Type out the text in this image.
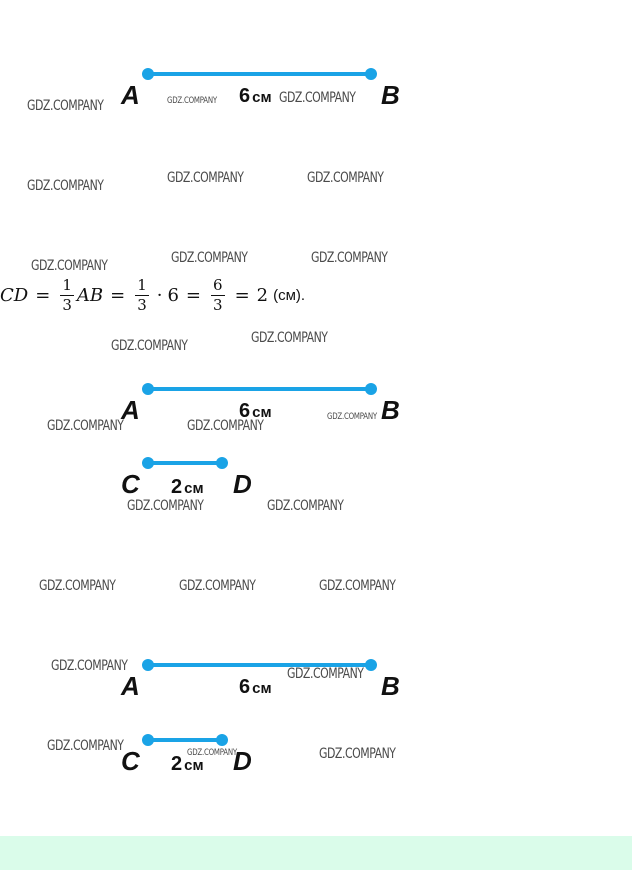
A	B
6 см
CD = $\frac{1}{3}$ AB = $\frac{1}{3} \cdot 6 = \frac{6}{3} = 2$ (см).
A	B
6 см
C	D
2 см
A	B
6 см
C	D
2 см
GDZ.COMPANY	GDZ.COMPANY	GDZ.COMPANY
GDZ.COMPANY	GDZ.COMPANY	GDZ.COMPANY
GDZ.COMPANY	GDZ.COMPANY	GDZ.COMPANY
GDZ.COMPANY	GDZ.COMPANY
GDZ.COMPANY
GDZ.COMPANY	GDZ.COMPANY
GDZ.COMPANY	GDZ.COMPANY
GDZ.COMPANY	GDZ.COMPANY	GDZ.COMPANY
GDZ.COMPANY	GDZ.COMPANY
GDZ.COMPANY	GDZ.COMPANY	GDZ.COMPANY
